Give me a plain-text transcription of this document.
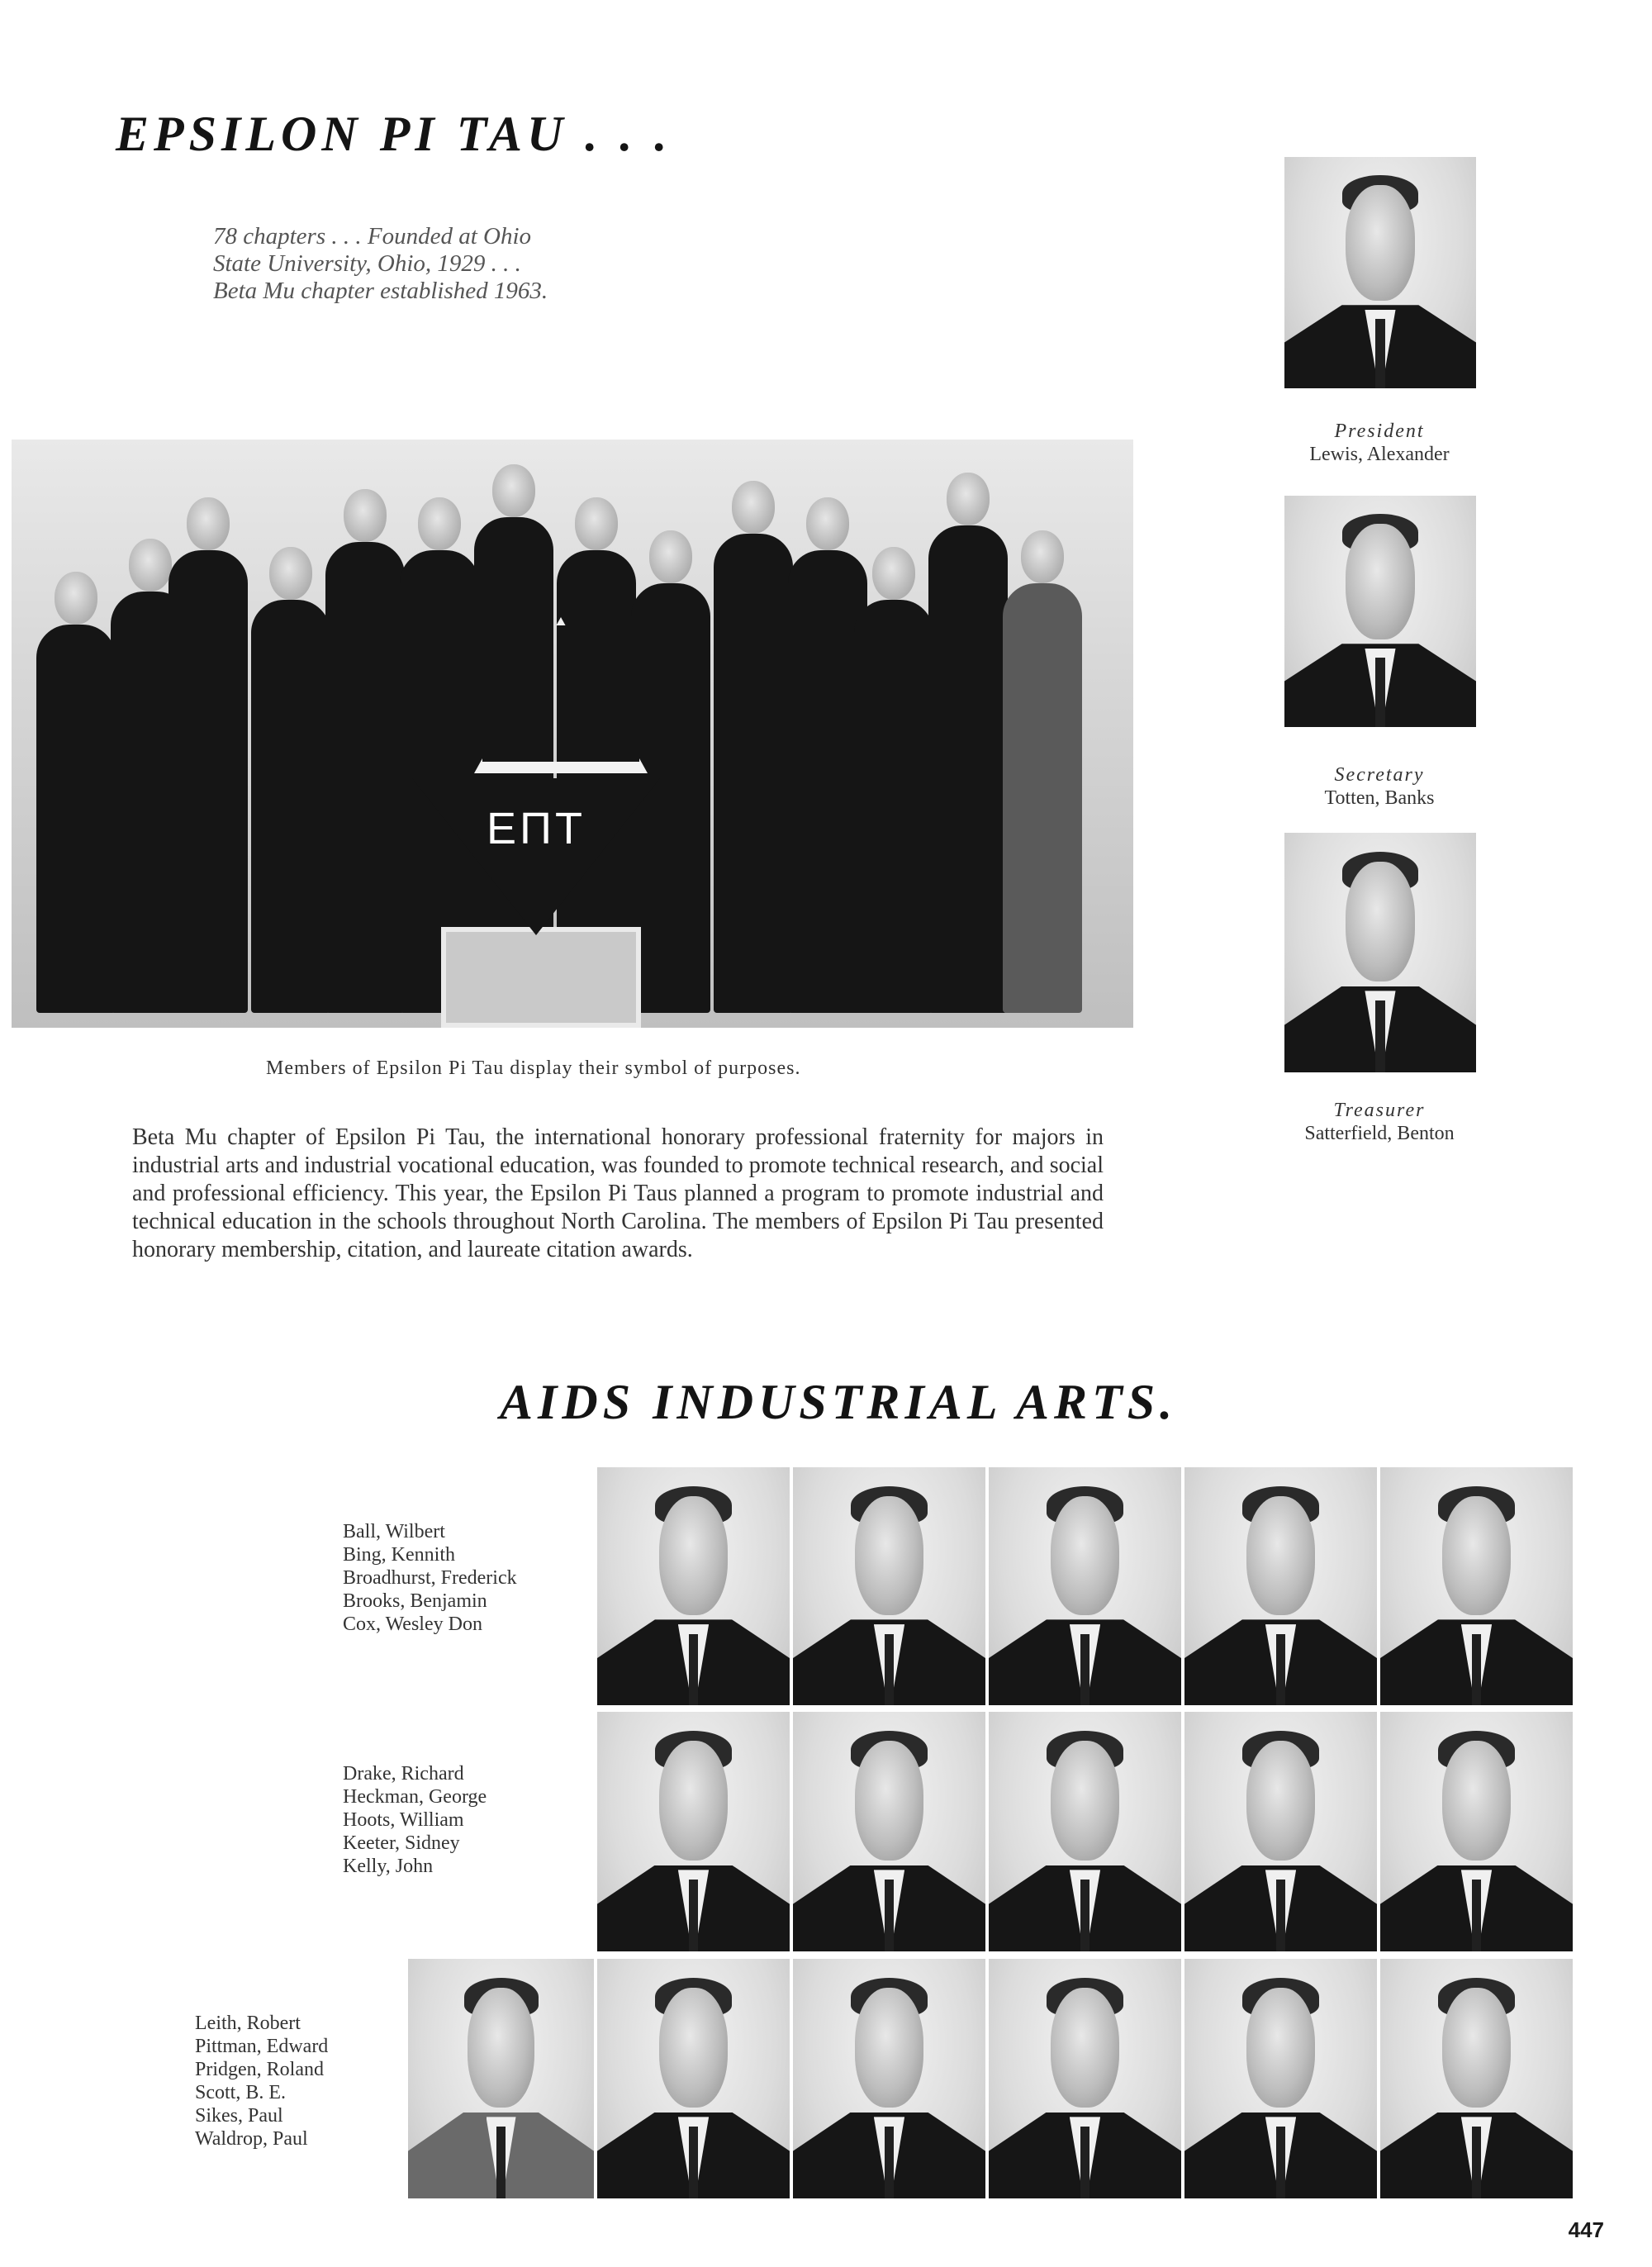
EPSILON PI TAU . . .
78 chapters . . . Founded at Ohio
State University, Ohio, 1929 . . .
Beta Mu chapter established 1963.
President
Lewis, Alexander
Secretary
Totten, Banks
Treasurer
Satterfield, Benton
ΕΠΤ
Members of Epsilon Pi Tau display their symbol of purposes.
Beta Mu chapter of Epsilon Pi Tau, the international honorary professional fraternity for majors in industrial arts and industrial vocational education, was founded to promote technical research, and social and professional efficiency. This year, the Epsilon Pi Taus planned a program to promote industrial and technical education in the schools throughout North Carolina. The members of Epsilon Pi Tau presented honorary membership, citation, and laureate citation awards.
AIDS INDUSTRIAL ARTS.
Ball, Wilbert
Bing, Kennith
Broadhurst, Frederick
Brooks, Benjamin
Cox, Wesley Don
Drake, Richard
Heckman, George
Hoots, William
Keeter, Sidney
Kelly, John
Leith, Robert
Pittman, Edward
Pridgen, Roland
Scott, B. E.
Sikes, Paul
Waldrop, Paul
447
